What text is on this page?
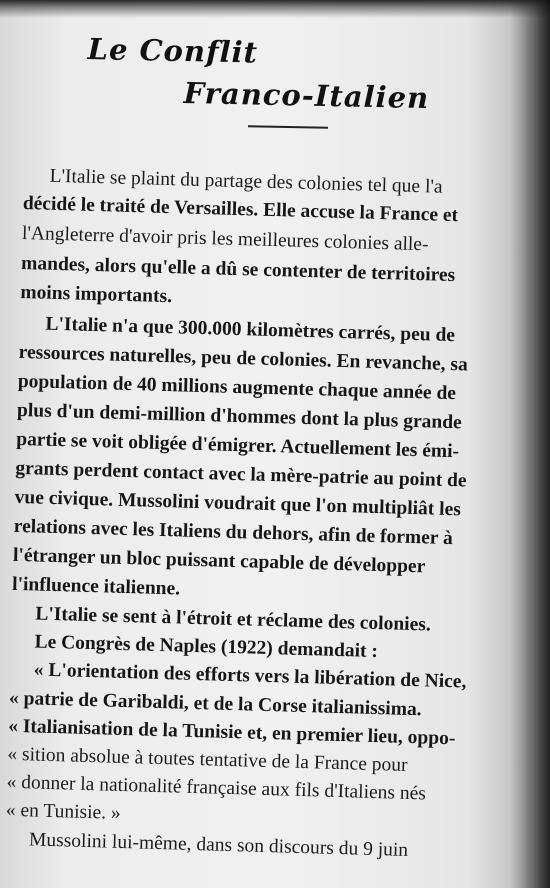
Le Conflit
Franco-Italien
L'Italie se plaint du partage des colonies tel que l'a
décidé le traité de Versailles. Elle accuse la France et
l'Angleterre d'avoir pris les meilleures colonies alle-
mandes, alors qu'elle a dû se contenter de territoires
moins importants.
L'Italie n'a que 300.000 kilomètres carrés, peu de
ressources naturelles, peu de colonies. En revanche, sa
population de 40 millions augmente chaque année de
plus d'un demi-million d'hommes dont la plus grande
partie se voit obligée d'émigrer. Actuellement les émi-
grants perdent contact avec la mère-patrie au point de
vue civique. Mussolini voudrait que l'on multipliât les
relations avec les Italiens du dehors, afin de former à
l'étranger un bloc puissant capable de développer
l'influence italienne.
L'Italie se sent à l'étroit et réclame des colonies.
Le Congrès de Naples (1922) demandait :
« L'orientation des efforts vers la libération de Nice,
« patrie de Garibaldi, et de la Corse italianissima.
« Italianisation de la Tunisie et, en premier lieu, oppo-
« sition absolue à toutes tentative de la France pour
« donner la nationalité française aux fils d'Italiens nés
« en Tunisie. »
Mussolini lui-même, dans son discours du 9 juin
